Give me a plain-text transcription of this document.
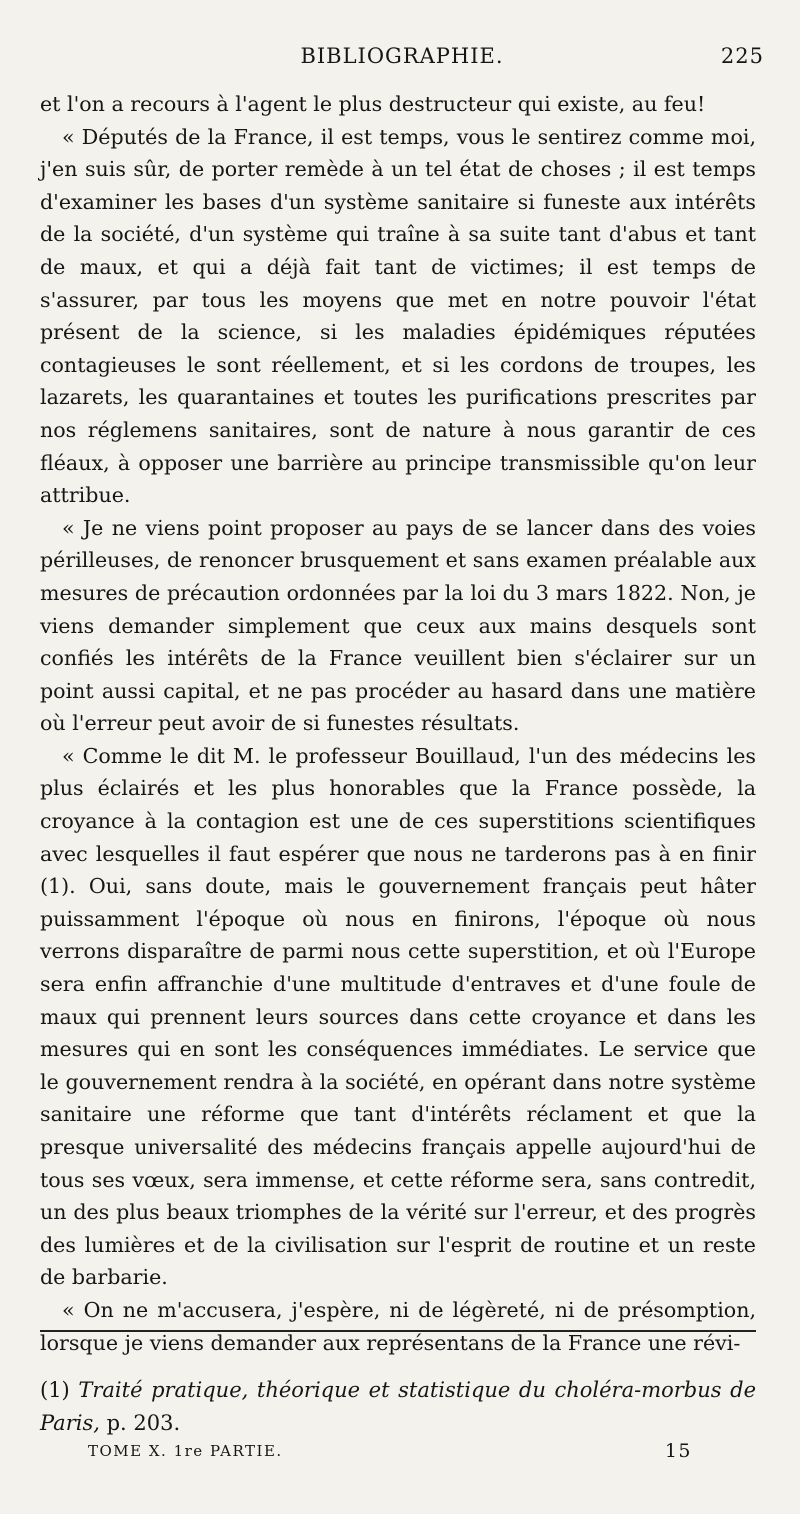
BIBLIOGRAPHIE.	225

et l'on a recours à l'agent le plus destructeur qui existe, au feu!

« Députés de la France, il est temps, vous le sentirez comme moi, j'en suis sûr, de porter remède à un tel état de choses ; il est temps d'examiner les bases d'un système sanitaire si funeste aux intérêts de la société, d'un système qui traîne à sa suite tant d'abus et tant de maux, et qui a déjà fait tant de victimes; il est temps de s'assurer, par tous les moyens que met en notre pouvoir l'état présent de la science, si les maladies épidémiques réputées contagieuses le sont réellement, et si les cordons de troupes, les lazarets, les quarantaines et toutes les purifications prescrites par nos réglemens sanitaires, sont de nature à nous garantir de ces fléaux, à opposer une barrière au principe transmissible qu'on leur attribue.

« Je ne viens point proposer au pays de se lancer dans des voies périlleuses, de renoncer brusquement et sans examen préalable aux mesures de précaution ordonnées par la loi du 3 mars 1822. Non, je viens demander simplement que ceux aux mains desquels sont confiés les intérêts de la France veuillent bien s'éclairer sur un point aussi capital, et ne pas procéder au hasard dans une matière où l'erreur peut avoir de si funestes résultats.

« Comme le dit M. le professeur Bouillaud, l'un des médecins les plus éclairés et les plus honorables que la France possède, la croyance à la contagion est une de ces superstitions scientifiques avec lesquelles il faut espérer que nous ne tarderons pas à en finir (1). Oui, sans doute, mais le gouvernement français peut hâter puissamment l'époque où nous en finirons, l'époque où nous verrons disparaître de parmi nous cette superstition, et où l'Europe sera enfin affranchie d'une multitude d'entraves et d'une foule de maux qui prennent leurs sources dans cette croyance et dans les mesures qui en sont les conséquences immédiates. Le service que le gouvernement rendra à la société, en opérant dans notre système sanitaire une réforme que tant d'intérêts réclament et que la presque universalité des médecins français appelle aujourd'hui de tous ses vœux, sera immense, et cette réforme sera, sans contredit, un des plus beaux triomphes de la vérité sur l'erreur, et des progrès des lumières et de la civilisation sur l'esprit de routine et un reste de barbarie.

« On ne m'accusera, j'espère, ni de légèreté, ni de présomption, lorsque je viens demander aux représentans de la France une révi-

(1) Traité pratique, théorique et statistique du choléra-morbus de Paris, p. 203.
TOME X. 1re PARTIE.	15
